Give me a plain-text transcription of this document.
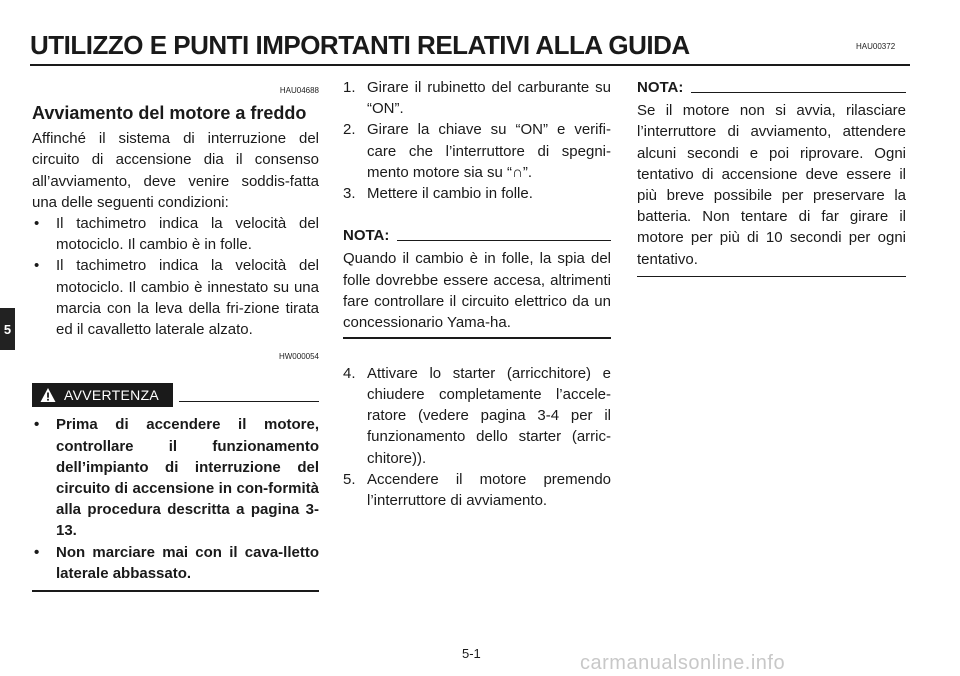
UTILIZZO E PUNTI IMPORTANTI RELATIVI ALLA GUIDA	HAU00372
5
HAU04688
Avviamento del motore a freddo

Affinché il sistema di interruzione del circuito di accensione dia il consenso all’avviamento, deve venire soddis-fatta una delle seguenti condizioni:

• Il tachimetro indica la velocità del motociclo. Il cambio è in folle.
• Il tachimetro indica la velocità del motociclo. Il cambio è innestato su una marcia con la leva della fri-zione tirata ed il cavalletto laterale alzato.
HW000054
AVVERTENZA
• Prima di accendere il motore, controllare il funzionamento dell’impianto di interruzione del circuito di accensione in con-formità alla procedura descritta a pagina 3-13.
• Non marciare mai con il cava-lletto laterale abbassato.
1. Girare il rubinetto del carburante su “ON”.
2. Girare la chiave su “ON” e verifi-care che l’interruttore di spegni-mento motore sia su “∩”.
3. Mettere il cambio in folle.
NOTA:

Quando il cambio è in folle, la spia del folle dovrebbe essere accesa, altrimenti fare controllare il circuito elettrico da un concessionario Yama-ha.

4. Attivare lo starter (arricchitore) e chiudere completamente l’accele-ratore (vedere pagina 3-4 per il funzionamento dello starter (arric-chitore)).
5. Accendere il motore premendo l’interruttore di avviamento.
NOTA:

Se il motore non si avvia, rilasciare l’interruttore di avviamento, attendere alcuni secondi e poi riprovare. Ogni tentativo di accensione deve essere il più breve possibile per preservare la batteria. Non tentare di far girare il motore per più di 10 secondi per ogni tentativo.

5-1	carmanualsonline.info
